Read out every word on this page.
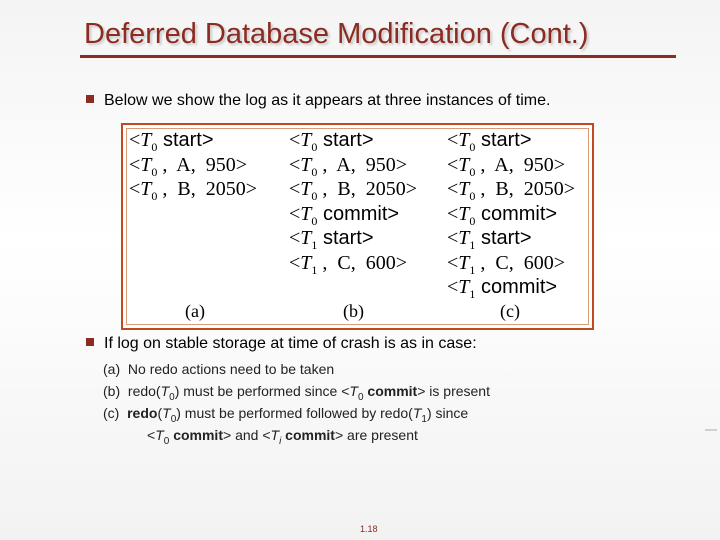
Deferred Database Modification (Cont.)
Below we show the log as it appears at three instances of time.
$<T_0$ start>
$<T_0$ ,  A,  950>
$<T_0$ ,  B,  2050>
(a)
$<T_0$ start>
$<T_0$ ,  A,  950>
$<T_0$ ,  B,  2050>
$<T_0$ commit>
$<T_1$ start>
$<T_1$ ,  C,  600>
(b)
$<T_0$ start>
$<T_0$ ,  A,  950>
$<T_0$ ,  B,  2050>
$<T_0$ commit>
$<T_1$ start>
$<T_1$ ,  C,  600>
$<T_1$ commit>
(c)
If log on stable storage at time of crash is as in case:
(a) No redo actions need to be taken
(b) $redo(T_0)$ must be performed since $<T_0$ commit> is present
(c) $redo(T_0)$ must be performed followed by $redo(T_1)$ since
$<T_0$ commit> and $<T_i$ commit> are present
1.18
